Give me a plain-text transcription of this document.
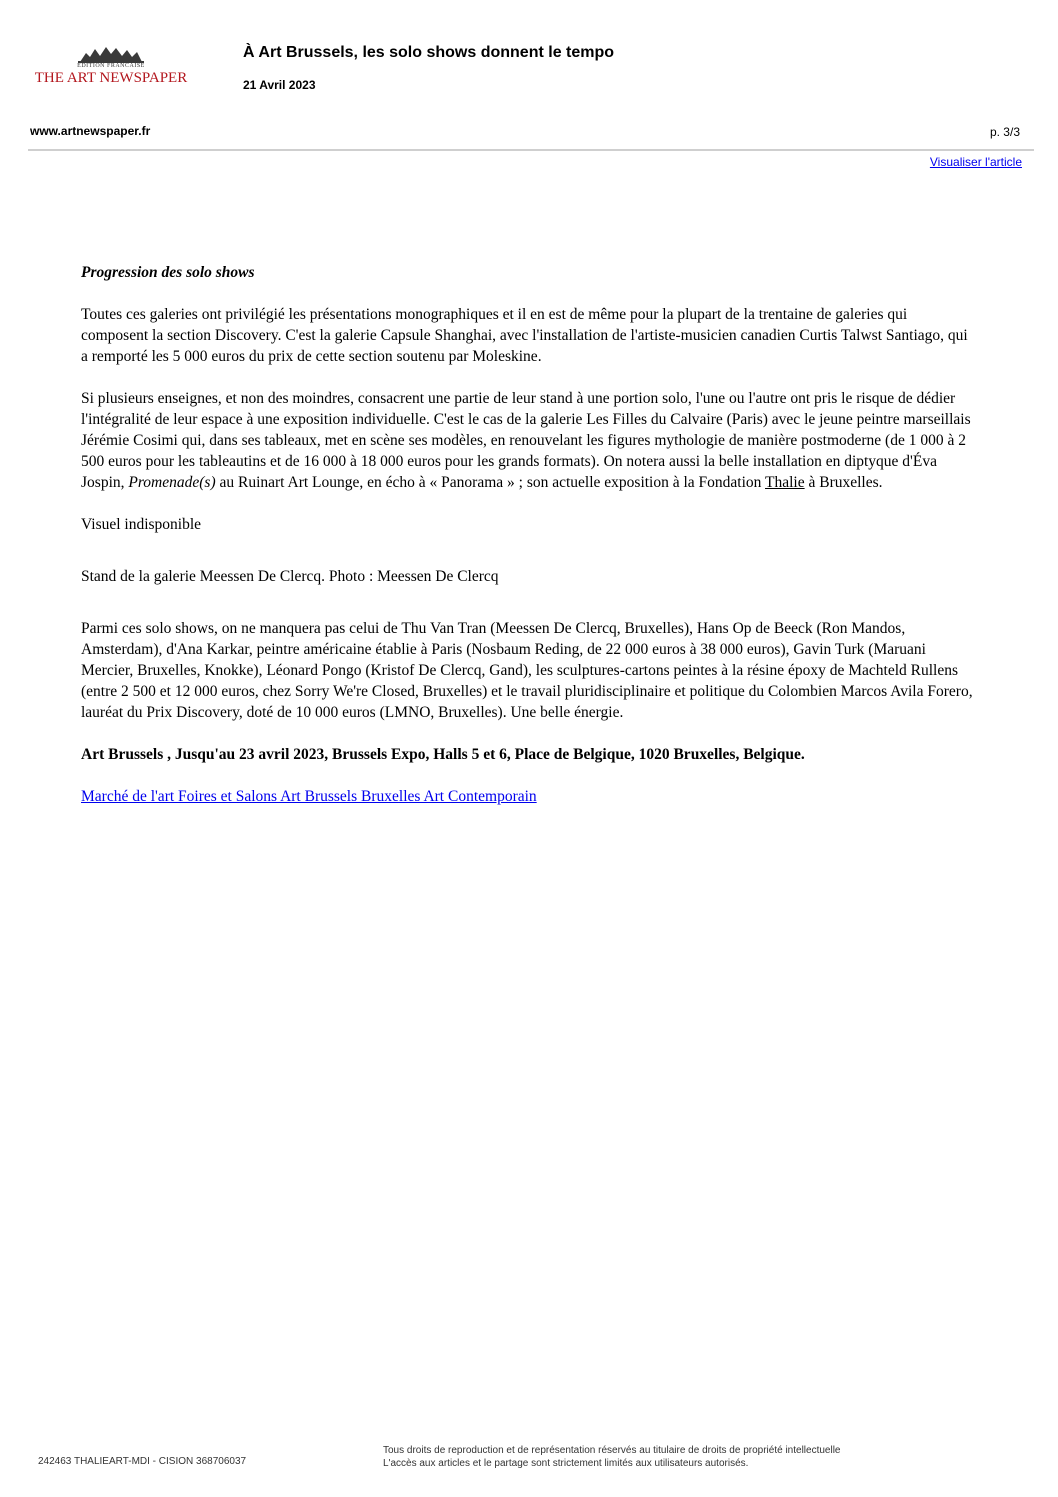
EDITION FRANCAISE
THE ART NEWSPAPER
À Art Brussels, les solo shows donnent le tempo
21 Avril 2023
www.artnewspaper.fr	p. 3/3
Visualiser l'article

Progression des solo shows

Toutes ces galeries ont privilégié les présentations monographiques et il en est de même pour la plupart de la trentaine de galeries qui composent la section Discovery. C'est la galerie Capsule Shanghai, avec l'installation de l'artiste-musicien canadien Curtis Talwst Santiago, qui a remporté les 5 000 euros du prix de cette section soutenu par Moleskine.

Si plusieurs enseignes, et non des moindres, consacrent une partie de leur stand à une portion solo, l'une ou l'autre ont pris le risque de dédier l'intégralité de leur espace à une exposition individuelle. C'est le cas de la galerie Les Filles du Calvaire (Paris) avec le jeune peintre marseillais Jérémie Cosimi qui, dans ses tableaux, met en scène ses modèles, en renouvelant les figures mythologie de manière postmoderne (de 1 000 à 2 500 euros pour les tableautins et de 16 000 à 18 000 euros pour les grands formats). On notera aussi la belle installation en diptyque d'Éva Jospin, Promenade(s) au Ruinart Art Lounge, en écho à « Panorama » ; son actuelle exposition à la Fondation Thalie à Bruxelles.

Visuel indisponible

Stand de la galerie Meessen De Clercq. Photo : Meessen De Clercq

Parmi ces solo shows, on ne manquera pas celui de Thu Van Tran (Meessen De Clercq, Bruxelles), Hans Op de Beeck (Ron Mandos, Amsterdam), d'Ana Karkar, peintre américaine établie à Paris (Nosbaum Reding, de 22 000 euros à 38 000 euros), Gavin Turk (Maruani Mercier, Bruxelles, Knokke), Léonard Pongo (Kristof De Clercq, Gand), les sculptures-cartons peintes à la résine époxy de Machteld Rullens (entre 2 500 et 12 000 euros, chez Sorry We're Closed, Bruxelles) et le travail pluridisciplinaire et politique du Colombien Marcos Avila Forero, lauréat du Prix Discovery, doté de 10 000 euros (LMNO, Bruxelles). Une belle énergie.

Art Brussels , Jusqu'au 23 avril 2023, Brussels Expo, Halls 5 et 6, Place de Belgique, 1020 Bruxelles, Belgique.

Marché de l'art Foires et Salons Art Brussels Bruxelles Art Contemporain

242463 THALIEART-MDI - CISION 368706037
Tous droits de reproduction et de représentation réservés au titulaire de droits de propriété intellectuelle
L'accès aux articles et le partage sont strictement limités aux utilisateurs autorisés.
